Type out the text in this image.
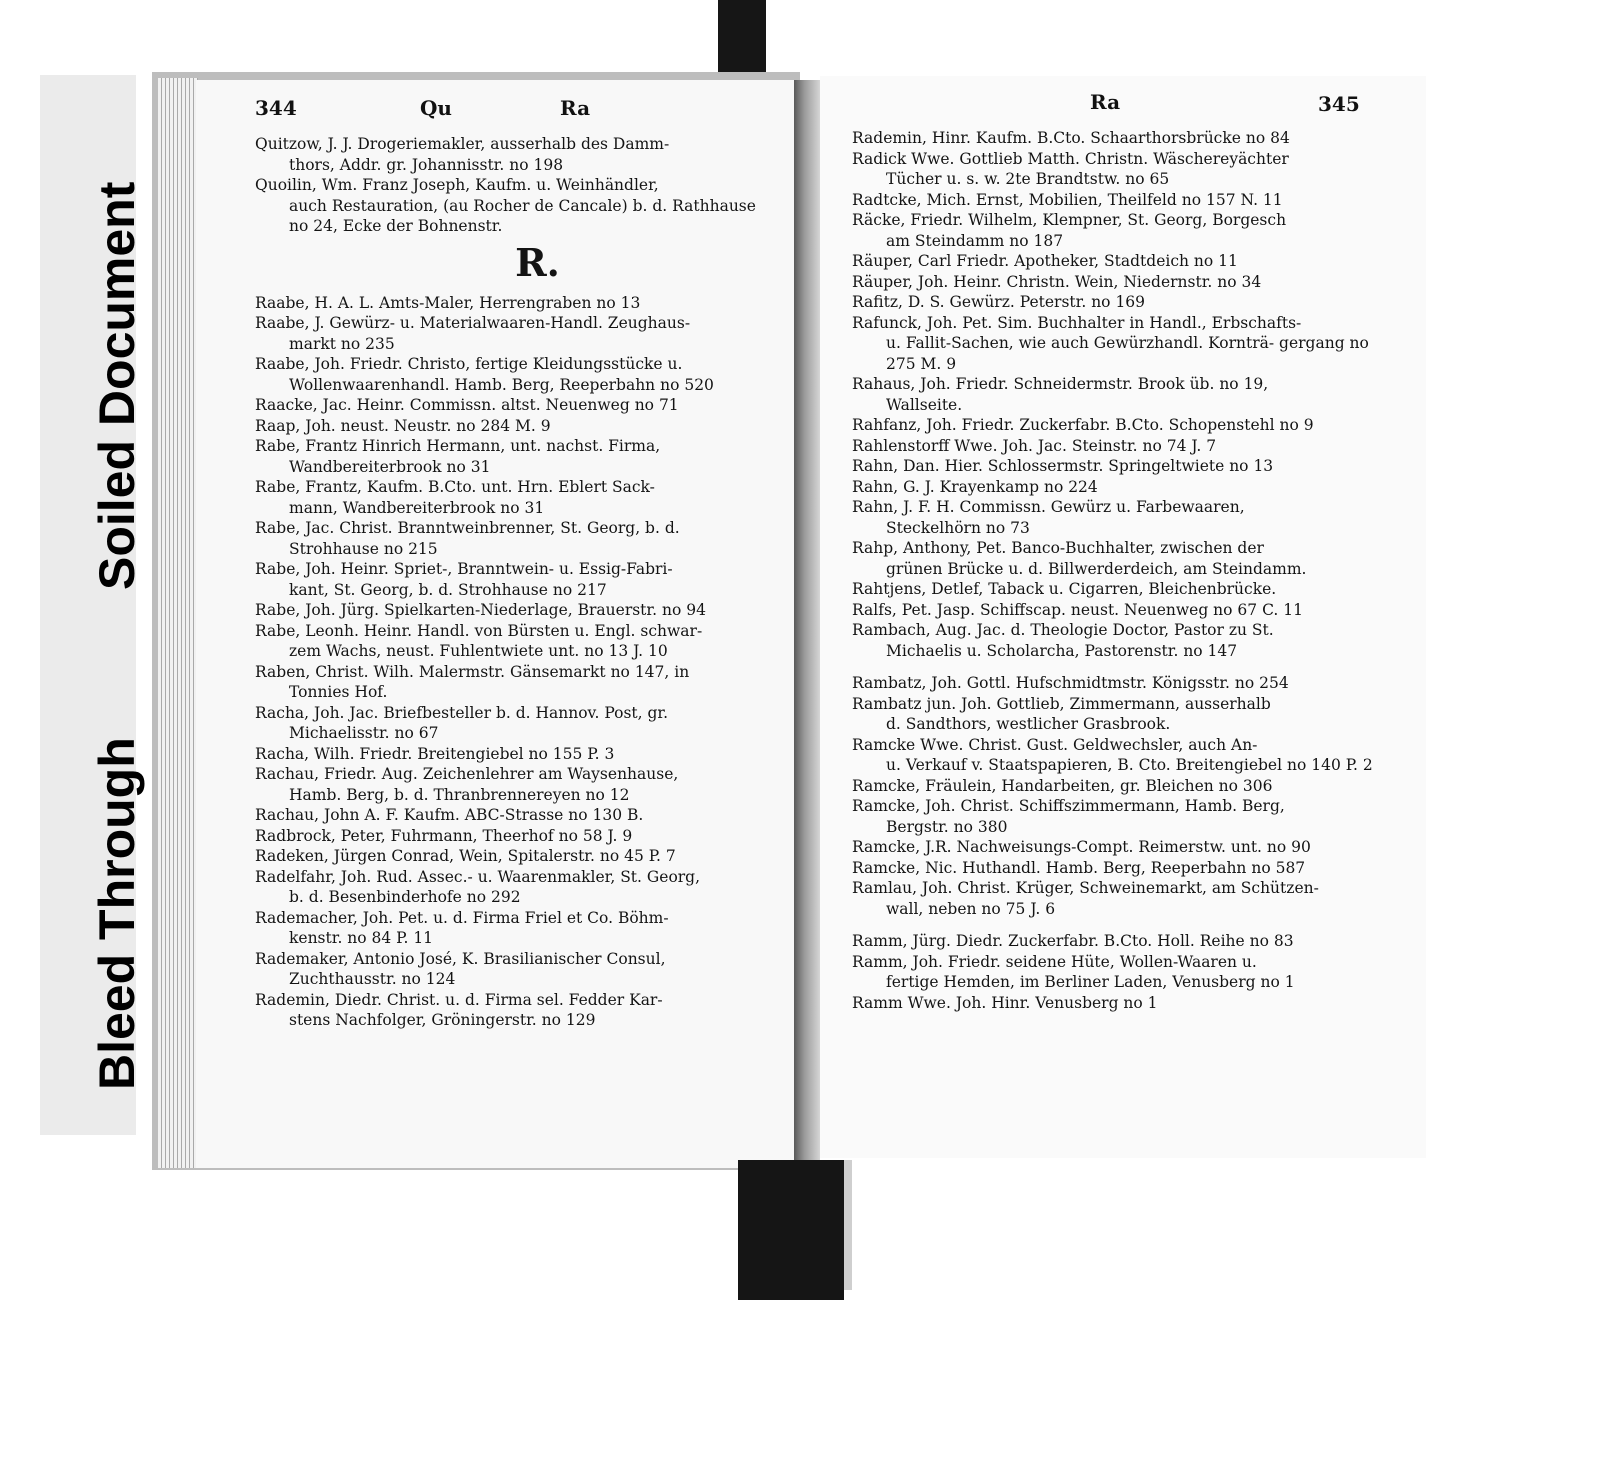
Bleed Through
Soiled Document
344	Qu	Ra	Ra	345
Quitzow, J. J. Drogeriemakler, ausserhalb des Damm-
thors, Addr. gr. Johannisstr. no 198
Quoilin, Wm. Franz Joseph, Kaufm. u. Weinhändler,
auch Restauration, (au Rocher de Cancale) b. d. Rathhause no 24, Ecke der Bohnenstr.
R.
Raabe, H. A. L. Amts-Maler, Herrengraben no 13
Raabe, J. Gewürz- u. Materialwaaren-Handl. Zeughaus-
markt no 235
Raabe, Joh. Friedr. Christo, fertige Kleidungsstücke u.
Wollenwaarenhandl. Hamb. Berg, Reeperbahn no 520
Raacke, Jac. Heinr. Commissn. altst. Neuenweg no 71
Raap, Joh. neust. Neustr. no 284 M. 9
Rabe, Frantz Hinrich Hermann, unt. nachst. Firma,
Wandbereiterbrook no 31
Rabe, Frantz, Kaufm. B.Cto. unt. Hrn. Eblert Sack-
mann, Wandbereiterbrook no 31
Rabe, Jac. Christ. Branntweinbrenner, St. Georg, b. d.
Strohhause no 215
Rabe, Joh. Heinr. Spriet-, Branntwein- u. Essig-Fabri-
kant, St. Georg, b. d. Strohhause no 217
Rabe, Joh. Jürg. Spielkarten-Niederlage, Brauerstr. no 94
Rabe, Leonh. Heinr. Handl. von Bürsten u. Engl. schwar-
zem Wachs, neust. Fuhlentwiete unt. no 13 J. 10
Raben, Christ. Wilh. Malermstr. Gänsemarkt no 147, in
Tonnies Hof.
Racha, Joh. Jac. Briefbesteller b. d. Hannov. Post, gr.
Michaelisstr. no 67
Racha, Wilh. Friedr. Breitengiebel no 155 P. 3
Rachau, Friedr. Aug. Zeichenlehrer am Waysenhause,
Hamb. Berg, b. d. Thranbrennereyen no 12
Rachau, John A. F. Kaufm. ABC-Strasse no 130 B.
Radbrock, Peter, Fuhrmann, Theerhof no 58 J. 9
Radeken, Jürgen Conrad, Wein, Spitalerstr. no 45 P. 7
Radelfahr, Joh. Rud. Assec.- u. Waarenmakler, St. Georg,
b. d. Besenbinderhofe no 292
Rademacher, Joh. Pet. u. d. Firma Friel et Co. Böhm-
kenstr. no 84 P. 11
Rademaker, Antonio José, K. Brasilianischer Consul,
Zuchthausstr. no 124
Rademin, Diedr. Christ. u. d. Firma sel. Fedder Kar-
stens Nachfolger, Gröningerstr. no 129
Rademin, Hinr. Kaufm. B.Cto. Schaarthorsbrücke no 84
Radick Wwe. Gottlieb Matth. Christn. Wäschereyächter
Tücher u. s. w. 2te Brandtstw. no 65
Radtcke, Mich. Ernst, Mobilien, Theilfeld no 157 N. 11
Räcke, Friedr. Wilhelm, Klempner, St. Georg, Borgesch
am Steindamm no 187
Räuper, Carl Friedr. Apotheker, Stadtdeich no 11
Räuper, Joh. Heinr. Christn. Wein, Niedernstr. no 34
Rafitz, D. S. Gewürz. Peterstr. no 169
Rafunck, Joh. Pet. Sim. Buchhalter in Handl., Erbschafts-
u. Fallit-Sachen, wie auch Gewürzhandl. Kornträ- gergang no 275 M. 9
Rahaus, Joh. Friedr. Schneidermstr. Brook üb. no 19,
Wallseite.
Rahfanz, Joh. Friedr. Zuckerfabr. B.Cto. Schopenstehl no 9
Rahlenstorff Wwe. Joh. Jac. Steinstr. no 74 J. 7
Rahn, Dan. Hier. Schlossermstr. Springeltwiete no 13
Rahn, G. J. Krayenkamp no 224
Rahn, J. F. H. Commissn. Gewürz u. Farbewaaren,
Steckelhörn no 73
Rahp, Anthony, Pet. Banco-Buchhalter, zwischen der
grünen Brücke u. d. Billwerderdeich, am Steindamm.
Rahtjens, Detlef, Taback u. Cigarren, Bleichenbrücke.
Ralfs, Pet. Jasp. Schiffscap. neust. Neuenweg no 67 C. 11
Rambach, Aug. Jac. d. Theologie Doctor, Pastor zu St.
Michaelis u. Scholarcha, Pastorenstr. no 147
Rambatz, Joh. Gottl. Hufschmidtmstr. Königsstr. no 254
Rambatz jun. Joh. Gottlieb, Zimmermann, ausserhalb
d. Sandthors, westlicher Grasbrook.
Ramcke Wwe. Christ. Gust. Geldwechsler, auch An-
u. Verkauf v. Staatspapieren, B. Cto. Breitengiebel no 140 P. 2
Ramcke, Fräulein, Handarbeiten, gr. Bleichen no 306
Ramcke, Joh. Christ. Schiffszimmermann, Hamb. Berg,
Bergstr. no 380
Ramcke, J.R. Nachweisungs-Compt. Reimerstw. unt. no 90
Ramcke, Nic. Huthandl. Hamb. Berg, Reeperbahn no 587
Ramlau, Joh. Christ. Krüger, Schweinemarkt, am Schützen-
wall, neben no 75 J. 6
Ramm, Jürg. Diedr. Zuckerfabr. B.Cto. Holl. Reihe no 83
Ramm, Joh. Friedr. seidene Hüte, Wollen-Waaren u.
fertige Hemden, im Berliner Laden, Venusberg no 1
Ramm Wwe. Joh. Hinr. Venusberg no 1
